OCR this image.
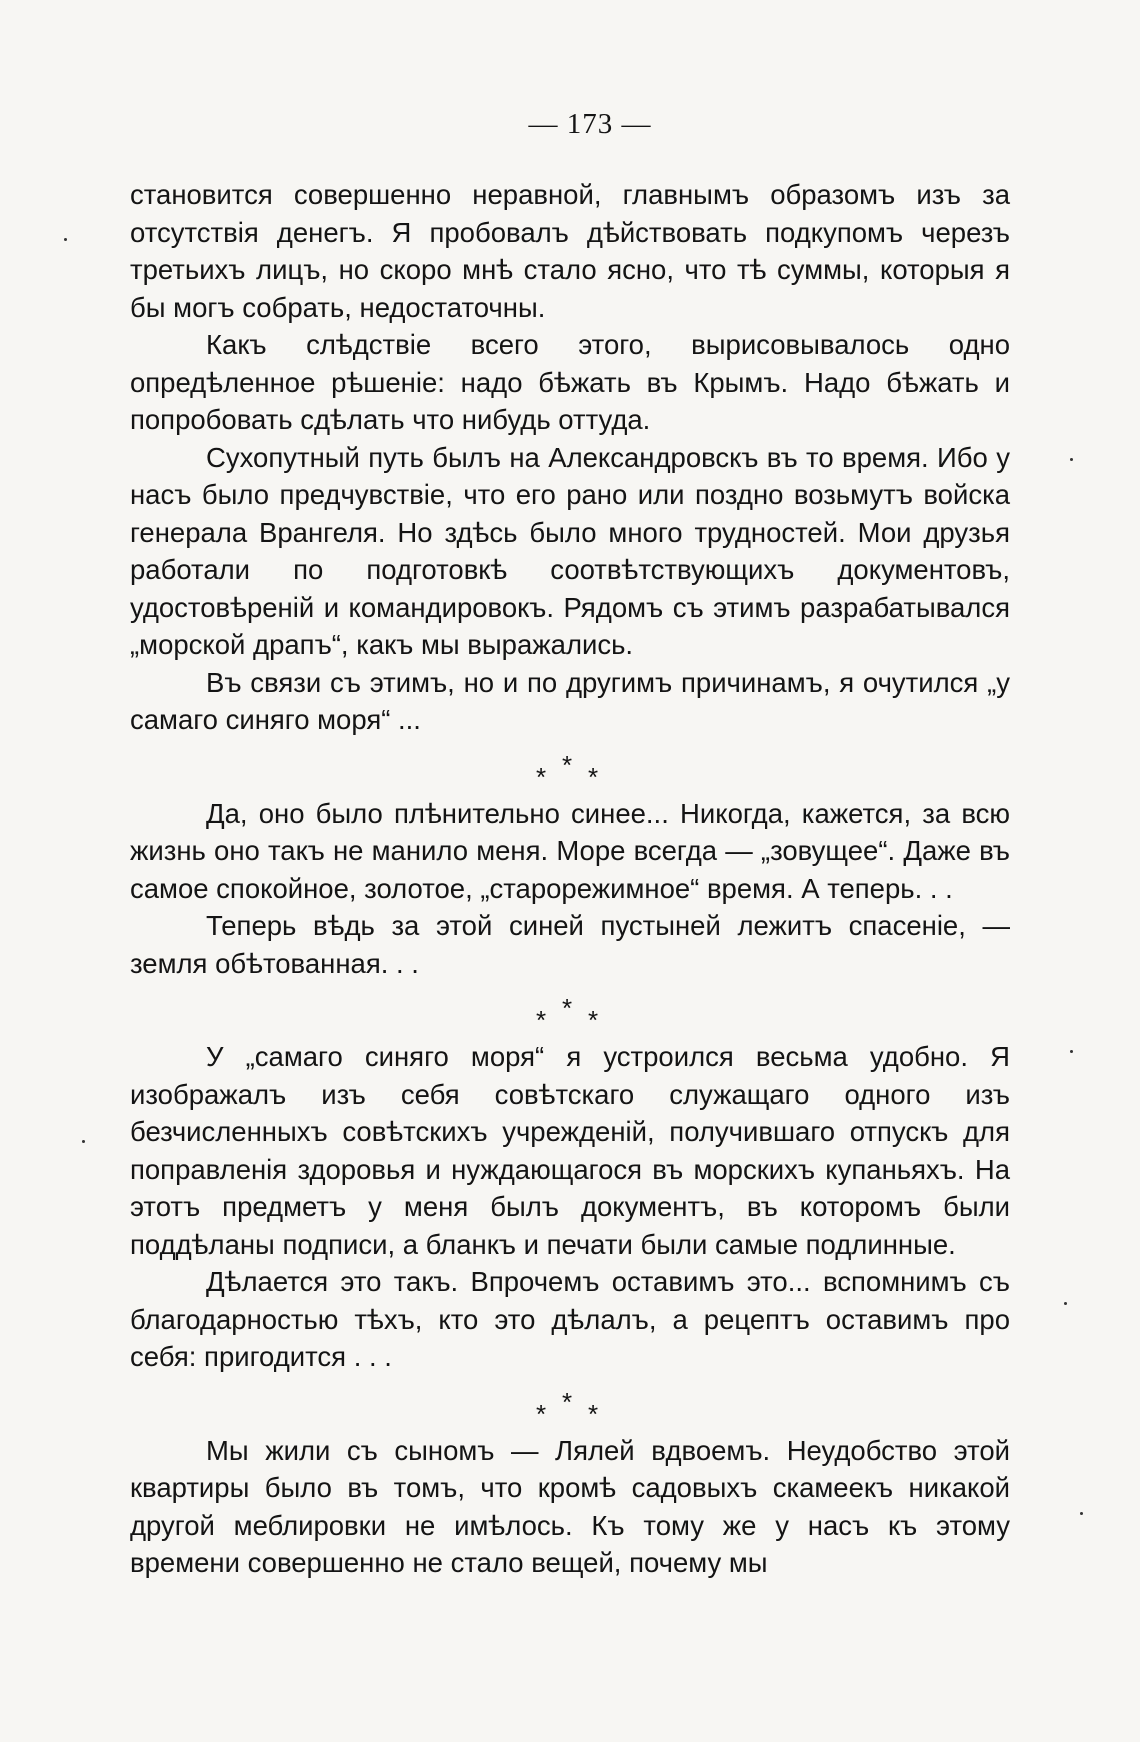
— 173 —

становится совершенно неравной, главнымъ образомъ изъ за отсутствія денегъ. Я пробовалъ дѣйствовать подкупомъ черезъ третьихъ лицъ, но скоро мнѣ стало ясно, что тѣ суммы, которыя я бы могъ собрать, недостаточны.

Какъ слѣдствіе всего этого, вырисовывалось одно опредѣленное рѣшеніе: надо бѣжать въ Крымъ. Надо бѣжать и попробовать сдѣлать что нибудь оттуда.

Сухопутный путь былъ на Александровскъ въ то время. Ибо у насъ было предчувствіе, что его рано или поздно возьмутъ войска генерала Врангеля. Но здѣсь было много трудностей. Мои друзья работали по подготовкѣ соотвѣтствующихъ документовъ, удостовѣреній и командировокъ. Рядомъ съ этимъ разрабатывался „морской драпъ“, какъ мы выражались.

Въ связи съ этимъ, но и по другимъ причинамъ, я очутился „у самаго синяго моря“ ...

*
* *

Да, оно было плѣнительно синее... Никогда, кажется, за всю жизнь оно такъ не манило меня. Море всегда — „зовущее“. Даже въ самое спокойное, золотое, „старорежимное“ время. А теперь. . .

Теперь вѣдь за этой синей пустыней лежитъ спасеніе, — земля обѣтованная. . .

*
* *

У „самаго синяго моря“ я устроился весьма удобно. Я изображалъ изъ себя совѣтскаго служащаго одного изъ безчисленныхъ совѣтскихъ учрежденій, получившаго отпускъ для поправленія здоровья и нуждающагося въ морскихъ купаньяхъ. На этотъ предметъ у меня былъ документъ, въ которомъ были поддѣланы подписи, а бланкъ и печати были самые подлинные.

Дѣлается это такъ. Впрочемъ оставимъ это... вспомнимъ съ благодарностью тѣхъ, кто это дѣлалъ, а рецептъ оставимъ про себя: пригодится . . .

*
* *

Мы жили съ сыномъ — Лялей вдвоемъ. Неудобство этой квартиры было въ томъ, что кромѣ садовыхъ скамеекъ никакой другой меблировки не имѣлось. Къ тому же у насъ къ этому времени совершенно не стало вещей, почему мы
